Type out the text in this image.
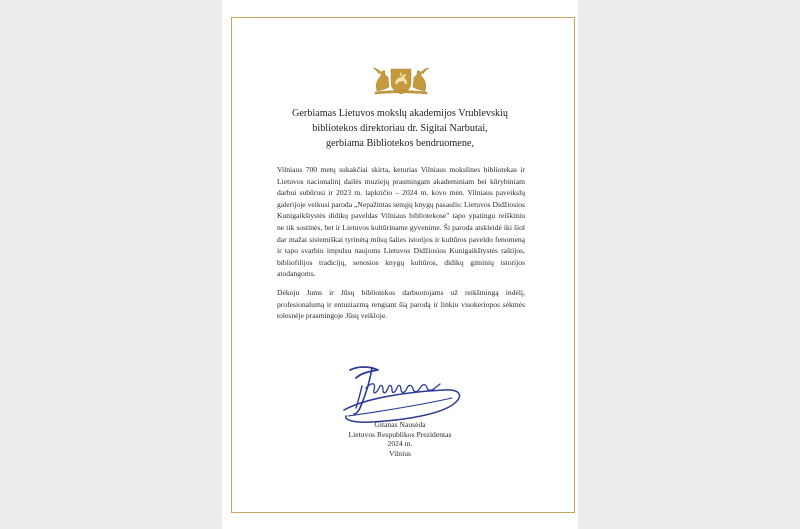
Gerbiamas Lietuvos mokslų akademijos Vrublevskių
bibliotekos direktoriau dr. Sigitai Narbutai,
gerbiama Bibliotekos bendruomene,

Vilniaus 700 metų sukakčiai skirta, keturias Vilniaus mokslines bibliotekas ir Lietuvos nacionalinį dailės muziejų prasmingam akademiniam bei kūrybiniam darbui subūrusi ir 2023 m. lapkričio – 2024 m. kovo mėn. Vilniaus paveikslų galerijoje veikusi paroda „Nepažintas senųjų knygų pasaulis: Lietuvos Didžiosios Kunigaikštystės didikų paveldas Vilniaus bibliotekose" tapo ypatingu reiškiniu ne tik sostinės, bet ir Lietuvos kultūriname gyvenime. Ši paroda atskleidė iki šiol dar mažai sistemiškai tyrinėtą mūsų šalies istorijos ir kultūros paveldo fenomeną ir tapo svarbiu impulsu naujoms Lietuvos Didžiosios Kunigaikštystės raštijos, bibliofilijos tradicijų, senosios knygų kultūros, didikų giminių istorijos atodangoms.

Dėkoju Jums ir Jūsų bibliotekos darbuotojams už reikšmingą indėlį, profesionalumą ir entuziazmą rengiant šią parodą ir linkiu visokeriopos sėkmės tolesnėje prasmingoje Jūsų veikloje.

Gitanas Nausėda
Lietuvos Respublikos Prezidentas
2024 m.
Vilnius
